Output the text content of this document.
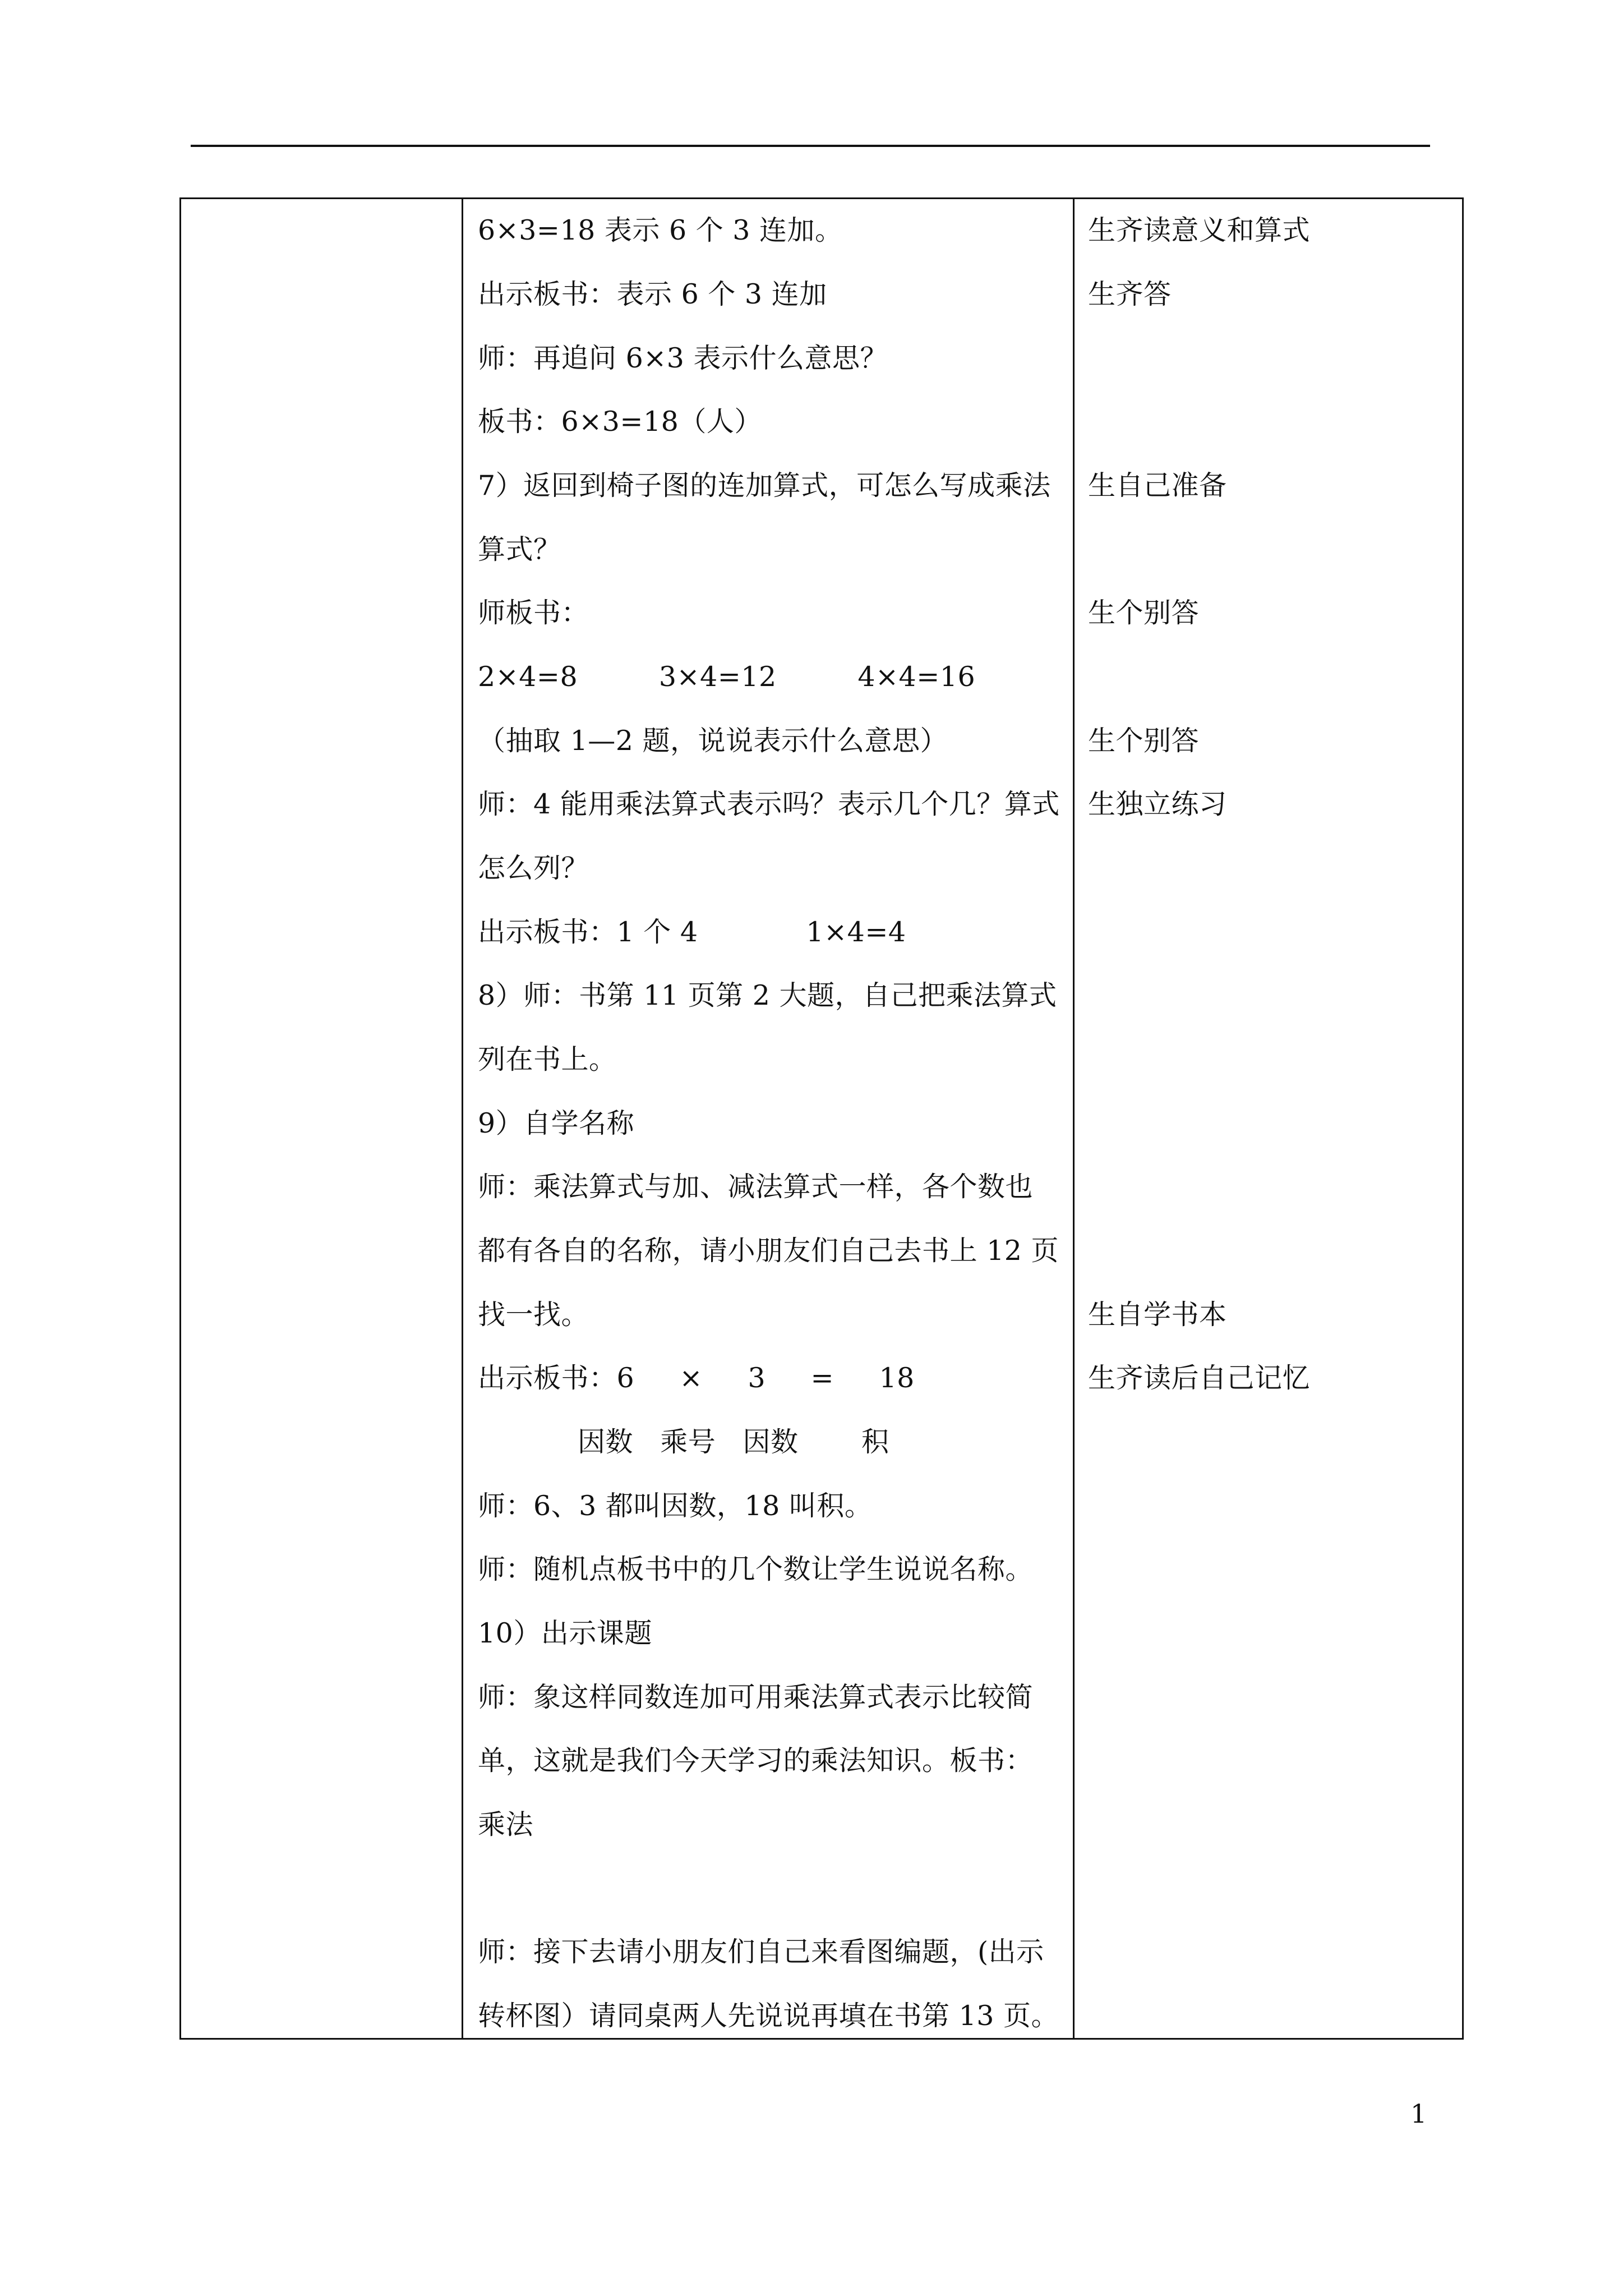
6×3=18 表示 6 个 3 连加。
出示板书：表示 6 个 3 连加
师：再追问 6×3 表示什么意思？
板书：6×3=18（人）
7）返回到椅子图的连加算式，可怎么写成乘法
算式？
师板书：
2×4=8         3×4=12         4×4=16
（抽取 1—2 题，说说表示什么意思）
师：4 能用乘法算式表示吗？表示几个几？算式
怎么列？
出示板书：1 个 4            1×4=4
8）师：书第 11 页第 2 大题，自己把乘法算式
列在书上。
9）自学名称
师：乘法算式与加、减法算式一样，各个数也
都有各自的名称，请小朋友们自己去书上 12 页
找一找。
出示板书：6     ×     3     =     18
因数   乘号   因数       积
师：6、3 都叫因数，18 叫积。
师：随机点板书中的几个数让学生说说名称。
10）出示课题
师：象这样同数连加可用乘法算式表示比较简
单，这就是我们今天学习的乘法知识。板书：
乘法
师：接下去请小朋友们自己来看图编题，(出示
转杯图）请同桌两人先说说再填在书第 13 页。
生齐读意义和算式
生齐答
生自己准备
生个别答
生个别答
生独立练习
生自学书本
生齐读后自己记忆
1
